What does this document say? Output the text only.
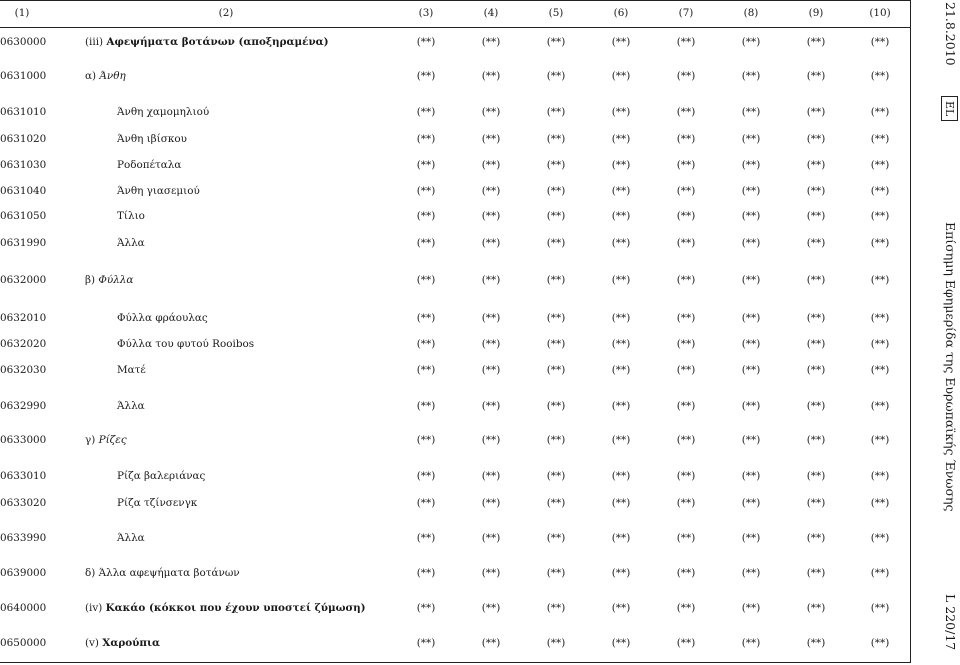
(1)	(2)	(3)	(4)	(5)	(6)	(7)	(8)	(9)	(10)
0630000	(iii) Αφεψήματα βοτάνων (αποξηραμένα)	(**)	(**)	(**)	(**)	(**)	(**)	(**)	(**)
0631000	α) Άνθη	(**)	(**)	(**)	(**)	(**)	(**)	(**)	(**)
0631010	Άνθη χαμομηλιού	(**)	(**)	(**)	(**)	(**)	(**)	(**)	(**)
0631020	Άνθη ιβίσκου	(**)	(**)	(**)	(**)	(**)	(**)	(**)	(**)
0631030	Ροδοπέταλα	(**)	(**)	(**)	(**)	(**)	(**)	(**)	(**)
0631040	Άνθη γιασεμιού	(**)	(**)	(**)	(**)	(**)	(**)	(**)	(**)
0631050	Τίλιο	(**)	(**)	(**)	(**)	(**)	(**)	(**)	(**)
0631990	Άλλα	(**)	(**)	(**)	(**)	(**)	(**)	(**)	(**)
0632000	β) Φύλλα	(**)	(**)	(**)	(**)	(**)	(**)	(**)	(**)
0632010	Φύλλα φράουλας	(**)	(**)	(**)	(**)	(**)	(**)	(**)	(**)
0632020	Φύλλα του φυτού Rooibos	(**)	(**)	(**)	(**)	(**)	(**)	(**)	(**)
0632030	Ματέ	(**)	(**)	(**)	(**)	(**)	(**)	(**)	(**)
0632990	Άλλα	(**)	(**)	(**)	(**)	(**)	(**)	(**)	(**)
0633000	γ) Ρίζες	(**)	(**)	(**)	(**)	(**)	(**)	(**)	(**)
0633010	Ρίζα βαλεριάνας	(**)	(**)	(**)	(**)	(**)	(**)	(**)	(**)
0633020	Ρίζα τζίνσενγκ	(**)	(**)	(**)	(**)	(**)	(**)	(**)	(**)
0633990	Άλλα	(**)	(**)	(**)	(**)	(**)	(**)	(**)	(**)
0639000	δ) Άλλα αφεψήματα βοτάνων	(**)	(**)	(**)	(**)	(**)	(**)	(**)	(**)
0640000	(iv) Κακάο (κόκκοι που έχουν υποστεί ζύμωση)	(**)	(**)	(**)	(**)	(**)	(**)	(**)	(**)
0650000	(v) Χαρούπια	(**)	(**)	(**)	(**)	(**)	(**)	(**)	(**)
21.8.2010
EL
Επίσημη Εφημερίδα της Ευρωπαϊκής Ένωσης
L 220/17
